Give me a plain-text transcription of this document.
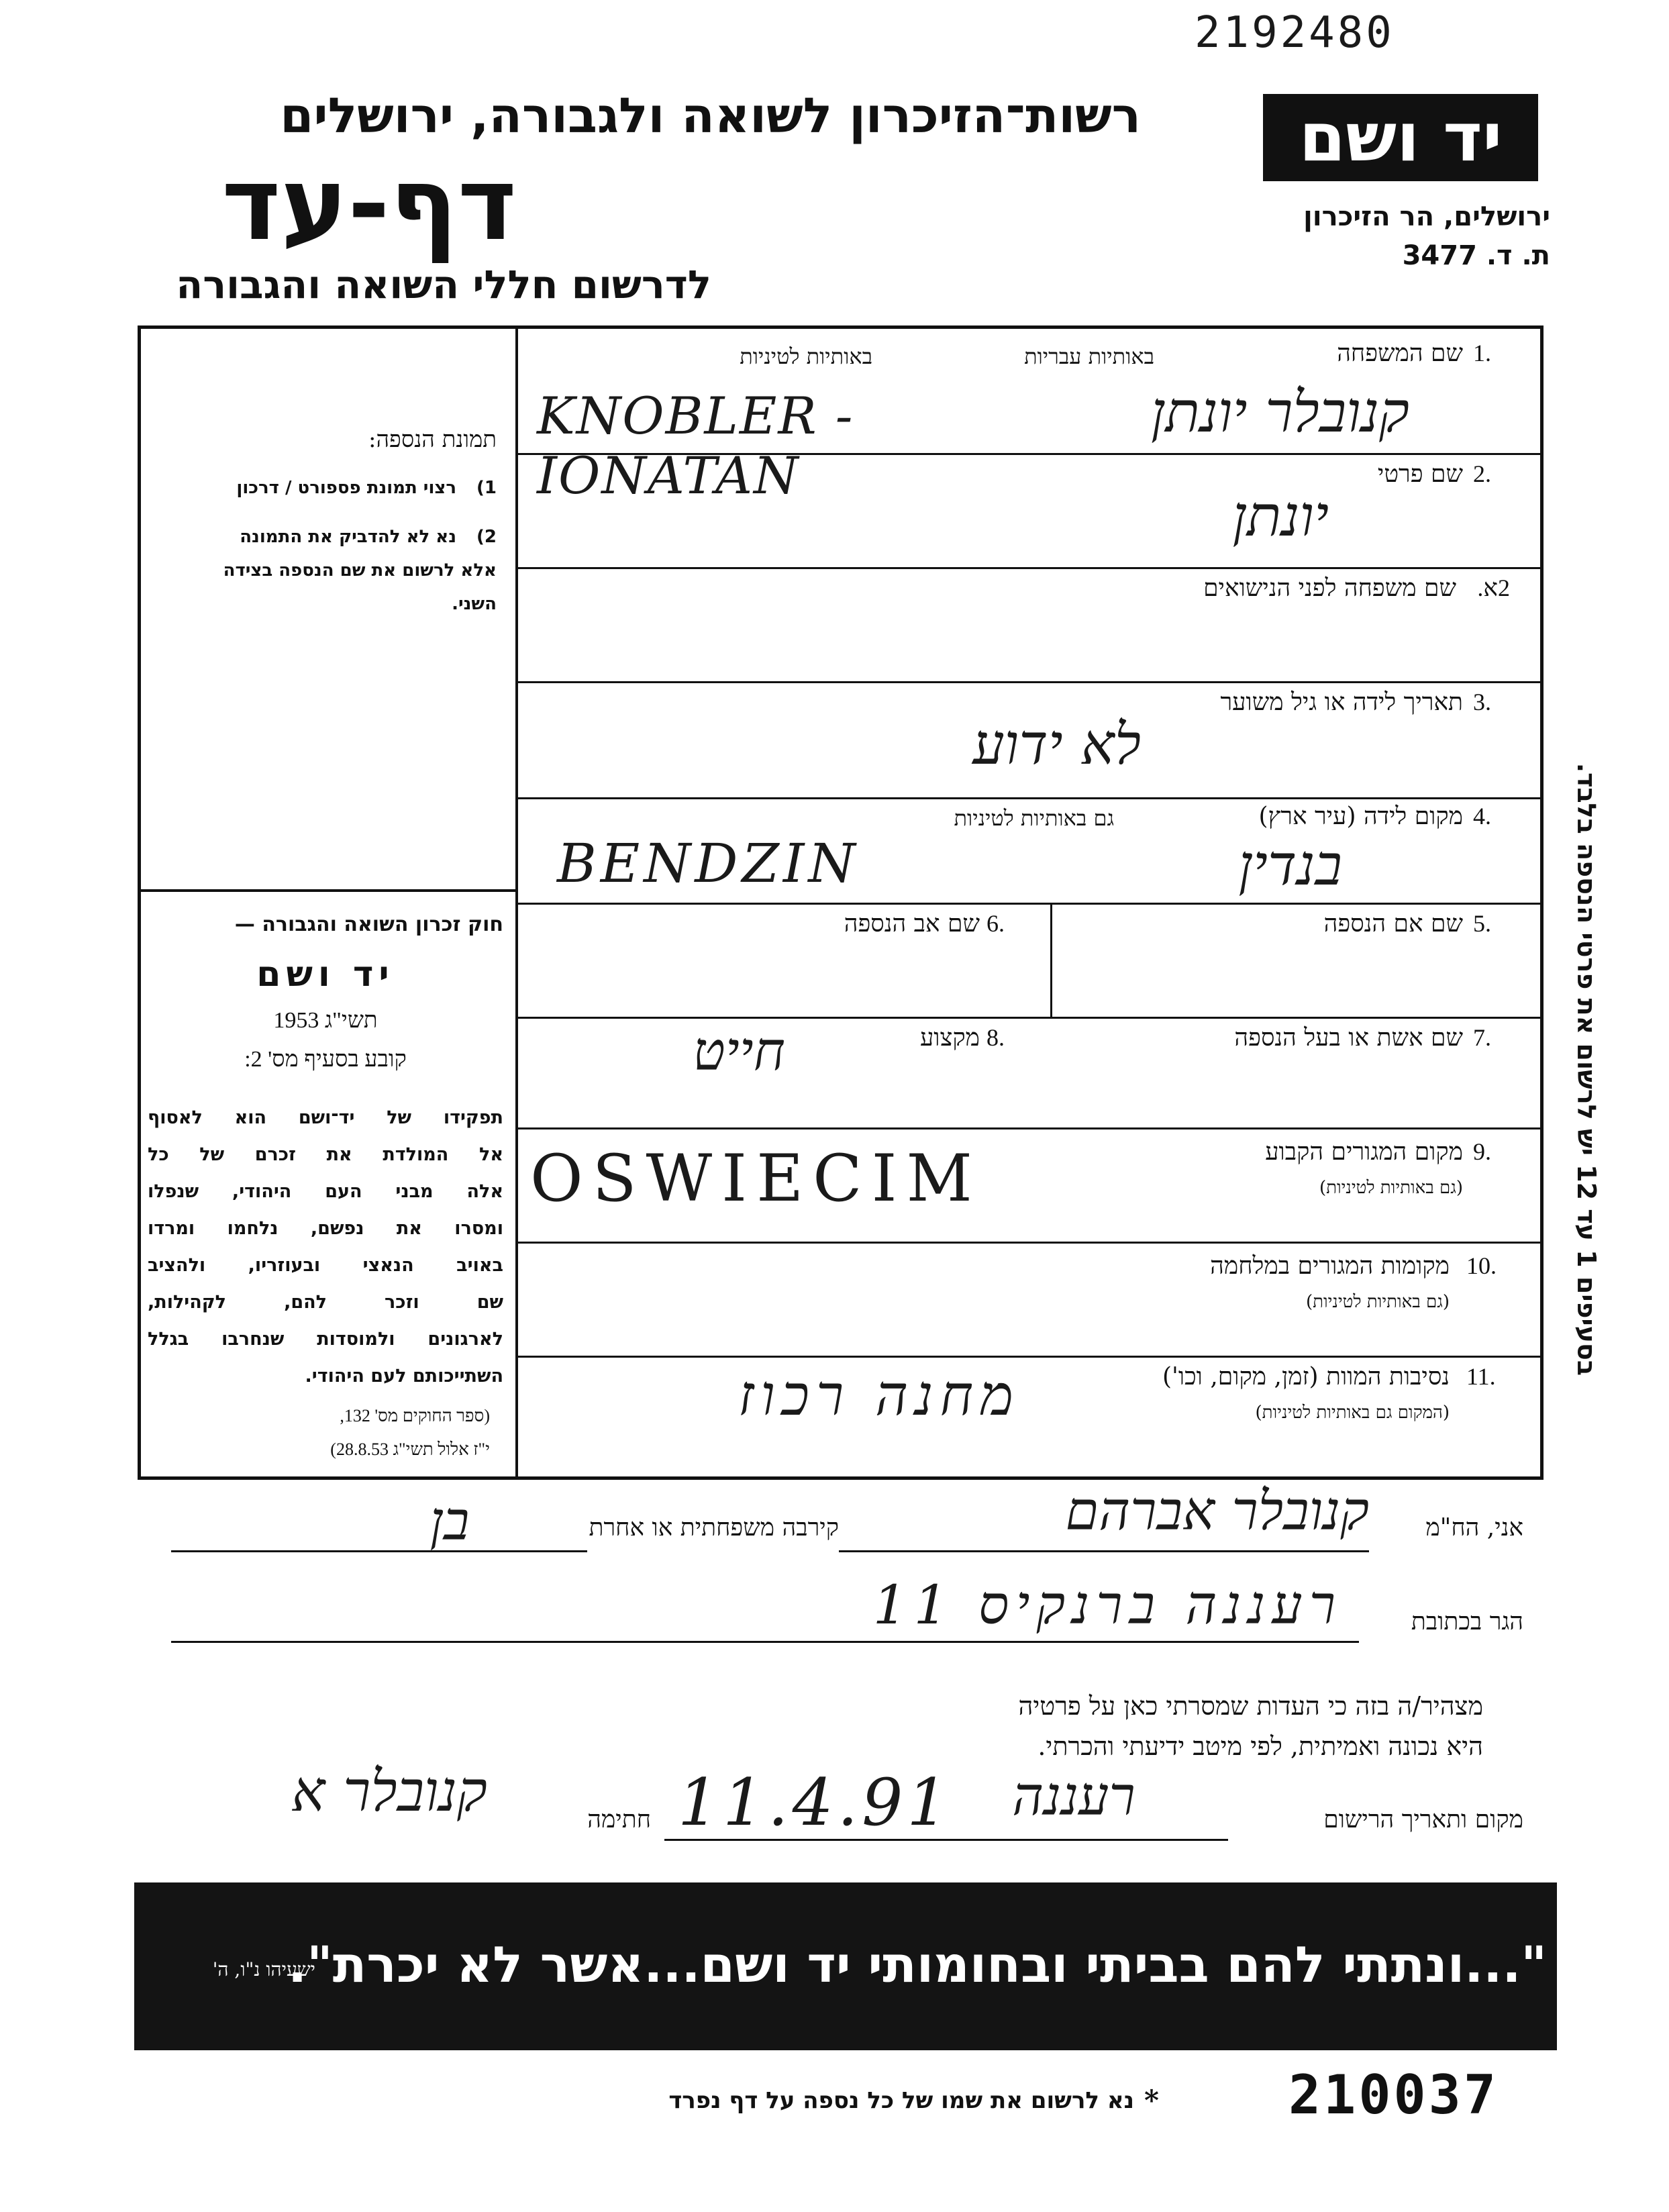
2192480
רשות־הזיכרון לשואה ולגבורה, ירושלים
דף-עד
לדרשום חללי השואה והגבורה
יד ושם
ירושלים, הר הזיכרון
ת. ד. 3477
תמונת הנספה:
1)
רצוי תמונת פספורט / דרכון
2)
נא לא להדביק את התמונה
אלא לרשום את שם הנספה בצידה
השני.
חוק זכרון השואה והגבורה —
יד ושם
תשי"ג 1953
קובע בסעיף מס' 2:
תפקידו של יד־ושם הוא לאסוף
אל המולדת את זכרם של כל
אלה מבני העם היהודי, שנפלו
ומסרו את נפשם, נלחמו ומרדו
באויב הנאצי ובעוזריו, ולהציב
שם וזכר להם, לקהילות,
לארגונים ולמוסדות שנחרבו בגלל
השתייכותם לעם היהודי.
(ספר החוקים מס' 132,
י"ז אלול תשי"ג 28.8.53)
1.
שם המשפחה
באותיות עבריות
באותיות לטיניות
קנובלר יונתן
KNOBLER -IONATAN	2.
שם פרטי
יונתן
2א.
שם משפחה לפני הנישואים
3.
תאריך לידה או גיל משוער
לא ידוע
4.
מקום לידה (עיר ארץ)
גם באותיות לטיניות
בנדין
BENDZIN
5.
שם אם הנספה
6.
שם אב הנספה
7.
שם אשת או בעל הנספה
8.
מקצוע
חייט
9.
מקום המגורים הקבוע
(גם באותיות לטיניות)
OSWIECIM
10.
מקומות המגורים במלחמה
(גם באותיות לטיניות)
11.
נסיבות המוות (זמן, מקום, וכו')
(המקום גם באותיות לטיניות)
מחנה רכוז
בסעיפים 1 עד 12 יש לרשום את פרטי הנספה בלבד.
אני, הח"מ
קנובלר אברהם
קירבה משפחתית או אחרת
בן
הגר בכתובת
רעננה ברנקיס 11
מצהיר/ה בזה כי העדות שמסרתי כאן על פרטיה
היא נכונה ואמיתית, לפי מיטב ידיעתי והכרתי.
מקום ותאריך הרישום
רעננה
11.4.91
חתימה
קנובלר א
"...ונתתי להם בביתי ובחומותי יד ושם...אשר לא יכרת".
ישעיהו נ"ו, ה'
*
נא לרשום את שמו של כל נספה על דף נפרד	210037
